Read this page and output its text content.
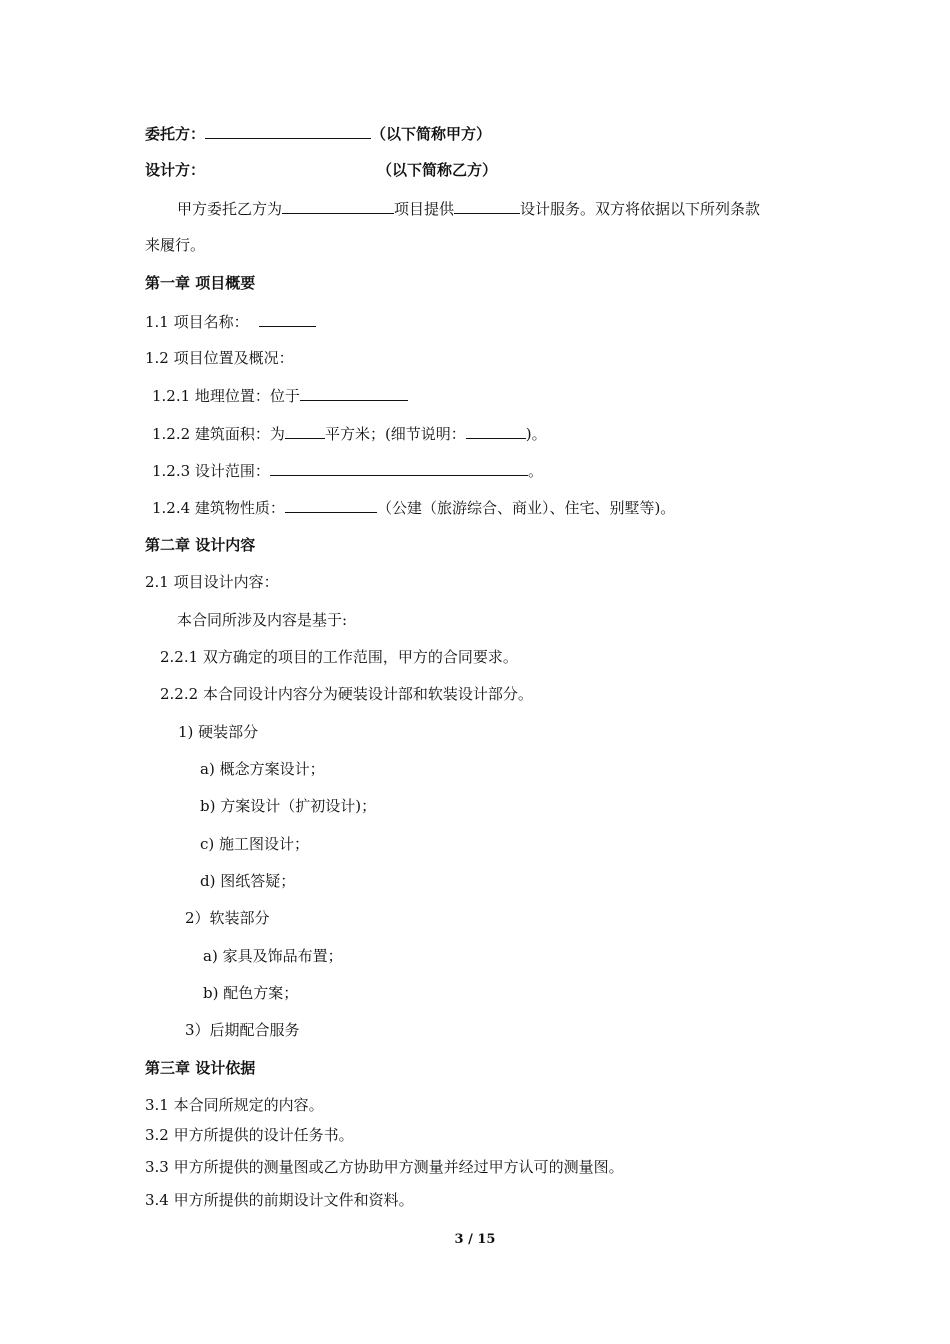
委托方：	（以下简称甲方）
设计方：	（以下简称乙方）
甲方委托乙方为	项目提供	设计服务。双方将依据以下所列条款
来履行。
第一章 项目概要
1.1 项目名称：
1.2 项目位置及概况：
1.2.1 地理位置：位于
1.2.2 建筑面积：为	平方米；(细节说明：	)。
1.2.3 设计范围：	。
1.2.4 建筑物性质：	（公建（旅游综合、商业）、住宅、别墅等)。
第二章 设计内容
2.1 项目设计内容：
本合同所涉及内容是基于:
2.2.1 双方确定的项目的工作范围，甲方的合同要求。
2.2.2 本合同设计内容分为硬装设计部和软装设计部分。
1) 硬装部分
a) 概念方案设计；
b) 方案设计（扩初设计)；
c) 施工图设计；
d) 图纸答疑；
2）软装部分
a) 家具及饰品布置；
b) 配色方案；
3）后期配合服务
第三章 设计依据
3.1 本合同所规定的内容。
3.2 甲方所提供的设计任务书。
3.3 甲方所提供的测量图或乙方协助甲方测量并经过甲方认可的测量图。
3.4 甲方所提供的前期设计文件和资料。
3 / 15
